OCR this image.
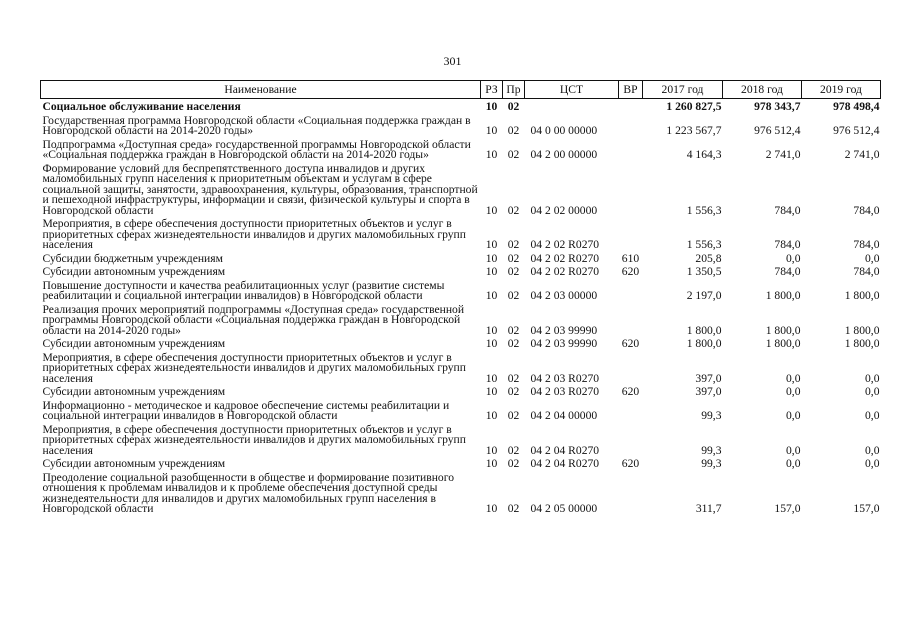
301
Наименование	РЗ	Пр	ЦСТ	ВР	2017 год	2018 год	2019 год
Социальное обслуживание населения	10	02			1 260 827,5	978 343,7	978 498,4
Государственная программа Новгородской области «Социальная поддержка граждан в Новгородской области на 2014-2020 годы»	10	02	04 0 00 00000		1 223 567,7	976 512,4	976 512,4
Подпрограмма «Доступная среда» государственной программы Новгородской области «Социальная поддержка граждан в Новгородской области на 2014-2020 годы»	10	02	04 2 00 00000		4 164,3	2 741,0	2 741,0
Формирование условий для беспрепятственного доступа инвалидов и других маломобильных групп населения к приоритетным объектам и услугам в сфере социальной защиты, занятости, здравоохранения, культуры, образования, транспортной и пешеходной инфраструктуры, информации и связи, физической культуры и спорта в Новгородской области	10	02	04 2 02 00000		1 556,3	784,0	784,0
Мероприятия, в сфере обеспечения доступности приоритетных объектов и услуг в приоритетных сферах жизнедеятельности инвалидов и других маломобильных групп населения	10	02	04 2 02 R0270		1 556,3	784,0	784,0
Субсидии бюджетным учреждениям	10	02	04 2 02 R0270	610	205,8	0,0	0,0
Субсидии автономным учреждениям	10	02	04 2 02 R0270	620	1 350,5	784,0	784,0
Повышение доступности и качества реабилитационных услуг (развитие системы реабилитации и социальной интеграции инвалидов) в Новгородской области	10	02	04 2 03 00000		2 197,0	1 800,0	1 800,0
Реализация прочих мероприятий подпрограммы «Доступная среда» государственной программы Новгородской области «Социальная поддержка граждан в Новгородской области на 2014-2020 годы»	10	02	04 2 03 99990		1 800,0	1 800,0	1 800,0
Субсидии автономным учреждениям	10	02	04 2 03 99990	620	1 800,0	1 800,0	1 800,0
Мероприятия, в сфере обеспечения доступности приоритетных объектов и услуг в приоритетных сферах жизнедеятельности инвалидов и других маломобильных групп населения	10	02	04 2 03 R0270		397,0	0,0	0,0
Субсидии автономным учреждениям	10	02	04 2 03 R0270	620	397,0	0,0	0,0
Информационно - методическое и кадровое обеспечение системы реабилитации и социальной интеграции инвалидов в Новгородской области	10	02	04 2 04 00000		99,3	0,0	0,0
Мероприятия, в сфере обеспечения доступности приоритетных объектов и услуг в приоритетных сферах жизнедеятельности инвалидов и других маломобильных групп населения	10	02	04 2 04 R0270		99,3	0,0	0,0
Субсидии автономным учреждениям	10	02	04 2 04 R0270	620	99,3	0,0	0,0
Преодоление социальной разобщенности в обществе и формирование позитивного отношения к проблемам инвалидов и к проблеме обеспечения доступной среды жизнедеятельности для инвалидов и других маломобильных групп населения в Новгородской области	10	02	04 2 05 00000		311,7	157,0	157,0
